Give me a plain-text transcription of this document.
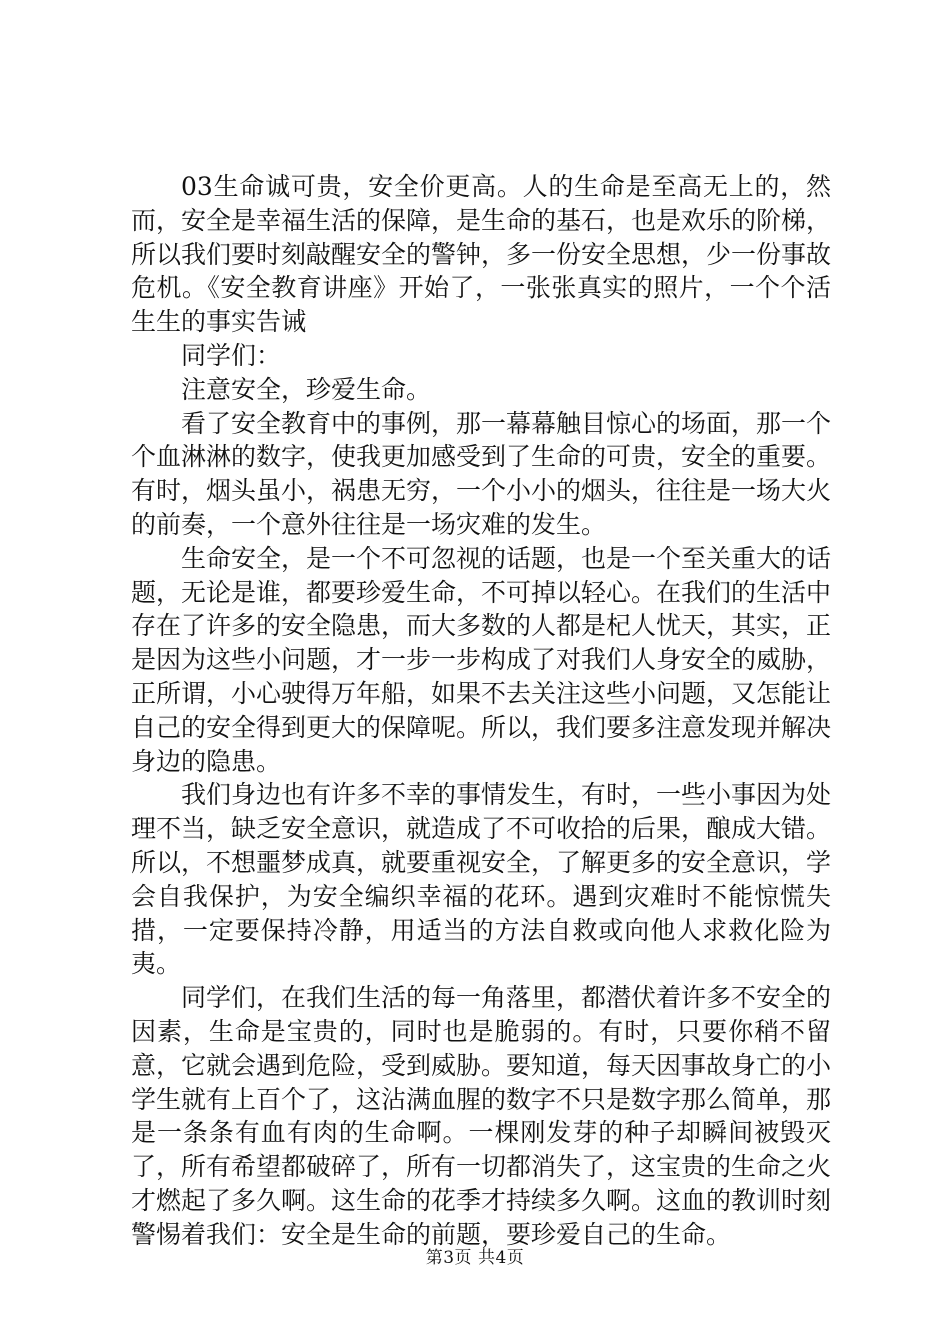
03生命诚可贵，安全价更高。人的生命是至高无上的，然而，安全是幸福生活的保障，是生命的基石，也是欢乐的阶梯，所以我们要时刻敲醒安全的警钟，多一份安全思想，少一份事故危机。《安全教育讲座》开始了，一张张真实的照片，一个个活生生的事实告诫

同学们：

注意安全，珍爱生命。

看了安全教育中的事例，那一幕幕触目惊心的场面，那一个个血淋淋的数字，使我更加感受到了生命的可贵，安全的重要。有时，烟头虽小，祸患无穷，一个小小的烟头，往往是一场大火的前奏，一个意外往往是一场灾难的发生。

生命安全，是一个不可忽视的话题，也是一个至关重大的话题，无论是谁，都要珍爱生命，不可掉以轻心。在我们的生活中存在了许多的安全隐患，而大多数的人都是杞人忧天，其实，正是因为这些小问题，才一步一步构成了对我们人身安全的威胁，正所谓，小心驶得万年船，如果不去关注这些小问题，又怎能让自己的安全得到更大的保障呢。所以，我们要多注意发现并解决身边的隐患。

我们身边也有许多不幸的事情发生，有时，一些小事因为处理不当，缺乏安全意识，就造成了不可收拾的后果，酿成大错。所以，不想噩梦成真，就要重视安全，了解更多的安全意识，学会自我保护，为安全编织幸福的花环。遇到灾难时不能惊慌失措，一定要保持冷静，用适当的方法自救或向他人求救化险为夷。

同学们，在我们生活的每一角落里，都潜伏着许多不安全的因素，生命是宝贵的，同时也是脆弱的。有时，只要你稍不留意，它就会遇到危险，受到威胁。要知道，每天因事故身亡的小学生就有上百个了，这沾满血腥的数字不只是数字那么简单，那是一条条有血有肉的生命啊。一棵刚发芽的种子却瞬间被毁灭了，所有希望都破碎了，所有一切都消失了，这宝贵的生命之火才燃起了多久啊。这生命的花季才持续多久啊。这血的教训时刻警惕着我们：安全是生命的前题，要珍爱自己的生命。

第3页 共4页
